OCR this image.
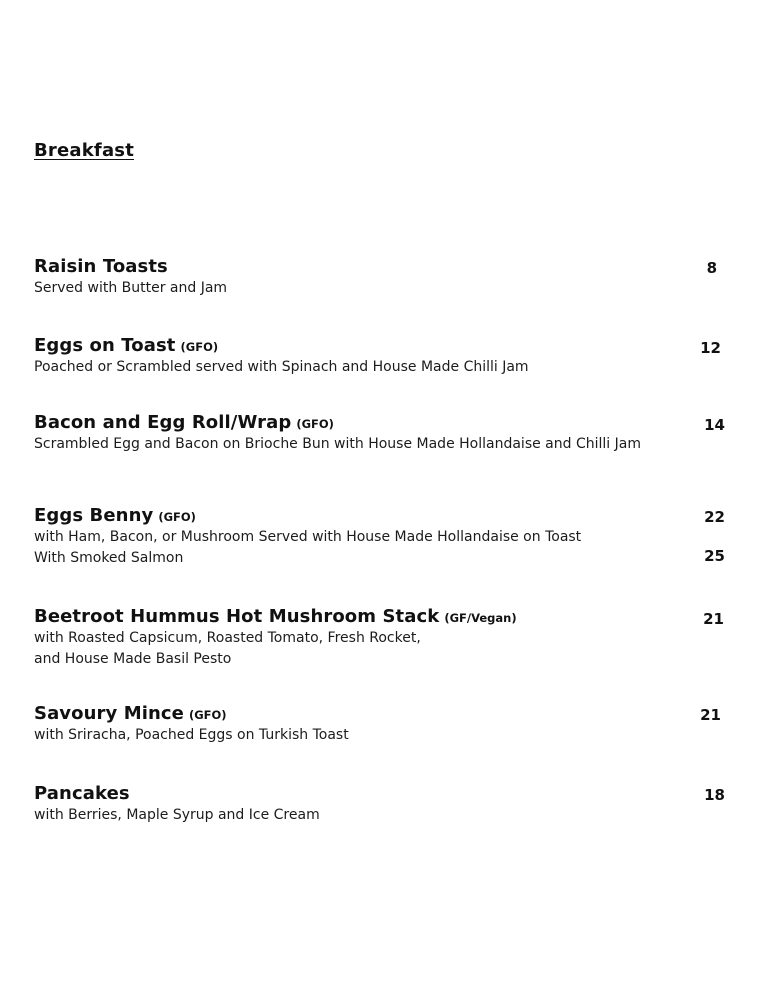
Breakfast
Raisin Toasts
Served with Butter and Jam
8
Eggs on Toast (GFO)
Poached or Scrambled served with Spinach and House Made Chilli Jam
12
Bacon and Egg Roll/Wrap (GFO)
Scrambled Egg and Bacon on Brioche Bun with House Made Hollandaise and Chilli Jam
14
Eggs Benny (GFO)
with Ham, Bacon, or Mushroom Served with House Made Hollandaise on Toast
With Smoked Salmon
22
25
Beetroot Hummus Hot Mushroom Stack (GF/Vegan)
with Roasted Capsicum, Roasted Tomato, Fresh Rocket,
and House Made Basil Pesto
21
Savoury Mince (GFO)
with Sriracha, Poached Eggs on Turkish Toast
21
Pancakes
with Berries, Maple Syrup and Ice Cream
18
